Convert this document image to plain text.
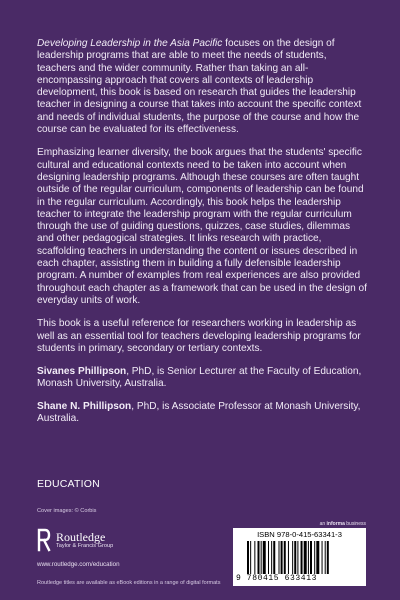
Developing Leadership in the Asia Pacific focuses on the design of leadership programs that are able to meet the needs of students, teachers and the wider community. Rather than taking an all-encompassing approach that covers all contexts of leadership development, this book is based on research that guides the leadership teacher in designing a course that takes into account the specific context and needs of individual students, the purpose of the course and how the course can be evaluated for its effectiveness.

Emphasizing learner diversity, the book argues that the students' specific cultural and educational contexts need to be taken into account when designing leadership programs. Although these courses are often taught outside of the regular curriculum, components of leadership can be found in the regular curriculum. Accordingly, this book helps the leadership teacher to integrate the leadership program with the regular curriculum through the use of guiding questions, quizzes, case studies, dilemmas and other pedagogical strategies. It links research with practice, scaffolding teachers in understanding the content or issues described in each chapter, assisting them in building a fully defensible leadership program. A number of examples from real experiences are also provided throughout each chapter as a framework that can be used in the design of everyday units of work.

This book is a useful reference for researchers working in leadership as well as an essential tool for teachers developing leadership programs for students in primary, secondary or tertiary contexts.

Sivanes Phillipson, PhD, is Senior Lecturer at the Faculty of Education, Monash University, Australia.

Shane N. Phillipson, PhD, is Associate Professor at Monash University, Australia.

EDUCATION
Cover images: © Corbis
Routledge
Taylor & Francis Group
www.routledge.com/education
Routledge titles are available as eBook editions in a range of digital formats
an informa business
ISBN 978-0-415-63341-3
9 780415 633413
